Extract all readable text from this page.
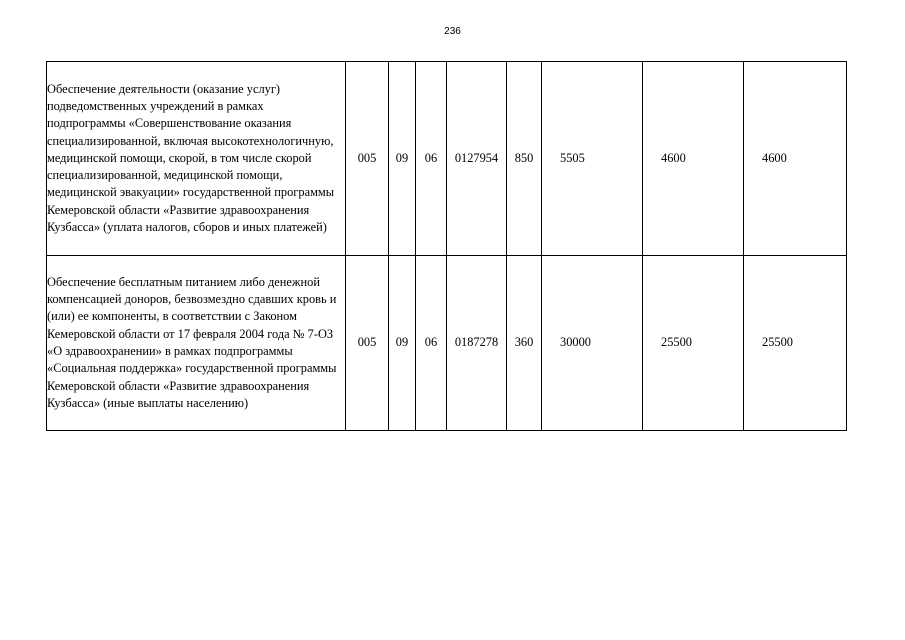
236
Обеспечение деятельности (оказание услуг) подведомственных учреждений в рамках подпрограммы «Совершенствование оказания специализированной, включая высокотехнологичную, медицинской помощи, скорой, в том числе скорой специализированной, медицинской помощи, медицинской эвакуации» государственной программы Кемеровской области «Развитие здравоохранения Кузбасса» (уплата налогов, сборов и иных платежей)	005	09	06	0127954	850	5505	4600	4600
Обеспечение бесплатным питанием либо денежной компенсацией доноров, безвозмездно сдавших кровь и (или) ее компоненты, в соответствии с Законом Кемеровской области от 17 февраля 2004 года № 7-ОЗ «О здравоохранении» в рамках подпрограммы «Социальная поддержка» государственной программы Кемеровской области «Развитие здравоохранения Кузбасса» (иные выплаты населению)	005	09	06	0187278	360	30000	25500	25500
